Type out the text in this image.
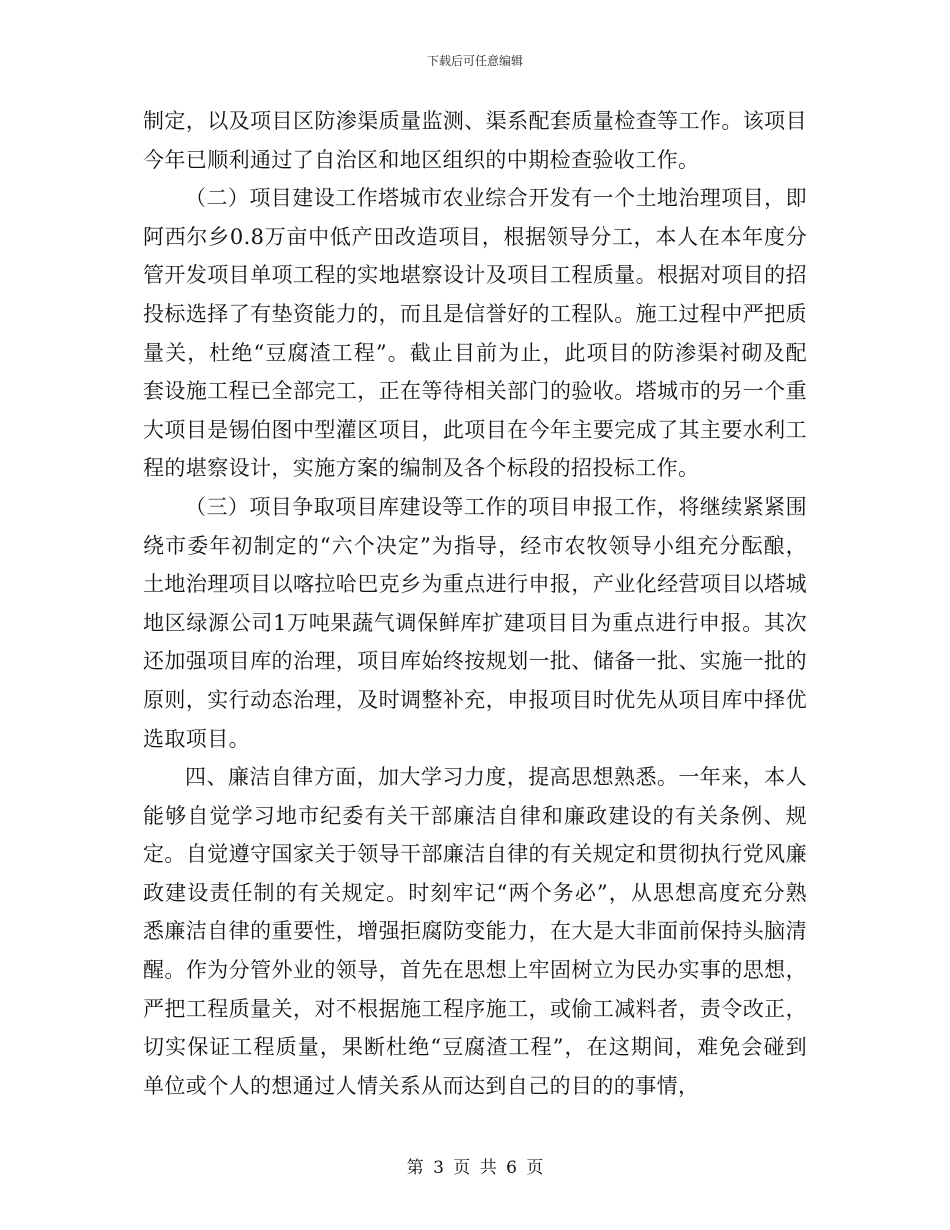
下载后可任意编辑

制定，以及项目区防渗渠质量监测、渠系配套质量检查等工作。该项目今年已顺利通过了自治区和地区组织的中期检查验收工作。

（二）项目建设工作塔城市农业综合开发有一个土地治理项目，即阿西尔乡0.8万亩中低产田改造项目，根据领导分工，本人在本年度分管开发项目单项工程的实地堪察设计及项目工程质量。根据对项目的招投标选择了有垫资能力的，而且是信誉好的工程队。施工过程中严把质量关，杜绝“豆腐渣工程”。截止目前为止，此项目的防渗渠衬砌及配套设施工程已全部完工，正在等待相关部门的验收。塔城市的另一个重大项目是锡伯图中型灌区项目，此项目在今年主要完成了其主要水利工程的堪察设计，实施方案的编制及各个标段的招投标工作。

（三）项目争取项目库建设等工作的项目申报工作，将继续紧紧围绕市委年初制定的“六个决定”为指导，经市农牧领导小组充分酝酿，土地治理项目以喀拉哈巴克乡为重点进行申报，产业化经营项目以塔城地区绿源公司1万吨果蔬气调保鲜库扩建项目目为重点进行申报。其次还加强项目库的治理，项目库始终按规划一批、储备一批、实施一批的原则，实行动态治理，及时调整补充，申报项目时优先从项目库中择优选取项目。

四、廉洁自律方面，加大学习力度，提高思想熟悉。一年来，本人能够自觉学习地市纪委有关干部廉洁自律和廉政建设的有关条例、规定。自觉遵守国家关于领导干部廉洁自律的有关规定和贯彻执行党风廉政建设责任制的有关规定。时刻牢记“两个务必”，从思想高度充分熟悉廉洁自律的重要性，增强拒腐防变能力，在大是大非面前保持头脑清醒。作为分管外业的领导，首先在思想上牢固树立为民办实事的思想，严把工程质量关，对不根据施工程序施工，或偷工减料者，责令改正，切实保证工程质量，果断杜绝“豆腐渣工程”，在这期间，难免会碰到单位或个人的想通过人情关系从而达到自己的目的的事情，

第 3 页 共 6 页
